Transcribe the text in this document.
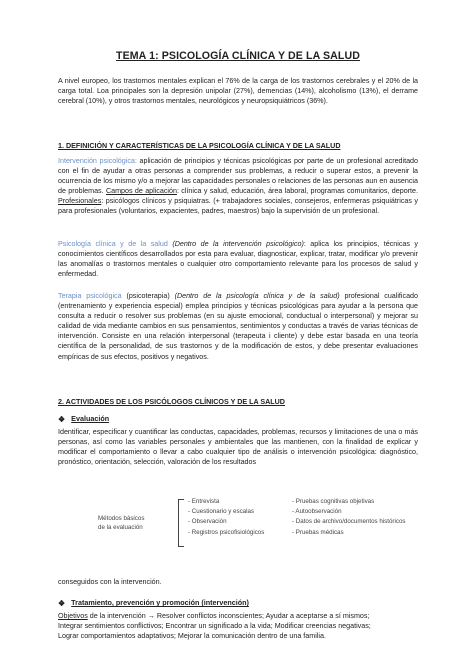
TEMA 1: PSICOLOGÍA CLÍNICA Y DE LA SALUD
A nivel europeo, los trastornos mentales explican el 76% de la carga de los trastornos cerebrales y el 20% de la carga total. Loa principales son la depresión unipolar (27%), demencias (14%), alcoholismo (13%), el derrame cerebral (10%), y otros trastornos mentales, neurológicos y neuropsiquiátricos (36%).
1. DEFINICIÓN Y CARACTERÍSTICAS DE LA PSICOLOGÍA CLÍNICA Y DE LA SALUD
Intervención psicológica: aplicación de principios y técnicas psicológicas por parte de un profesional acreditado con el fin de ayudar a otras personas a comprender sus problemas, a reducir o superar estos, a prevenir la ocurrencia de los mismo y/o a mejorar las capacidades personales o relaciones de las personas aun en ausencia de problemas. Campos de aplicación: clínica y salud, educación, área laboral, programas comunitarios, deporte. Profesionales: psicólogos clínicos y psiquiatras. (+ trabajadores sociales, consejeros, enfermeras psiquiátricas y para profesionales (voluntarios, expacientes, padres, maestros) bajo la supervisión de un profesional.
Psicología clínica y de la salud (Dentro de la intervención psicológico): aplica los principios, técnicas y conocimientos científicos desarrollados por esta para evaluar, diagnosticar, explicar, tratar, modificar y/o prevenir las anomalías o trastornos mentales o cualquier otro comportamiento relevante para los procesos de salud y enfermedad.
Terapia psicológica (psicoterapia) (Dentro de la psicología clínica y de la salud) profesional cualificado (entrenamiento y experiencia especial) emplea principios y técnicas psicológicas para ayudar a la persona que consulta a reducir o resolver sus problemas (en su ajuste emocional, conductual o interpersonal) y mejorar su calidad de vida mediante cambios en sus pensamientos, sentimientos y conductas a través de varias técnicas de intervención. Consiste en una relación interpersonal (terapeuta i cliente) y debe estar basada en una teoría científica de la personalidad, de sus trastornos y de la modificación de estos, y debe presentar evaluaciones empíricas de sus efectos, positivos y negativos.
2. ACTIVIDADES DE LOS PSICÓLOGOS CLÍNICOS Y DE LA SALUD
❖ Evaluación
Identificar, especificar y cuantificar las conductas, capacidades, problemas, recursos y limitaciones de una o más personas, así como las variables personales y ambientales que las mantienen, con la finalidad de explicar y modificar el comportamiento o llevar a cabo cualquier tipo de análisis o intervención psicológica: diagnóstico, pronóstico, orientación, selección, valoración de los resultados
Métodos básicos
de la evaluación
- Entrevista
- Cuestionario y escalas
- Observación
- Registros psicofisiológicos
- Pruebas cognitivas objetivas
- Autoobservación
- Datos de archivo/documentos históricos
- Pruebas médicas
conseguidos con la intervención.
❖ Tratamiento, prevención y promoción (intervención)
Objetivos de la intervención → Resolver conflictos inconscientes; Ayudar a aceptarse a sí mismos;
Integrar sentimientos conflictivos; Encontrar un significado a la vida; Modificar creencias negativas;
Lograr comportamientos adaptativos; Mejorar la comunicación dentro de una familia.
